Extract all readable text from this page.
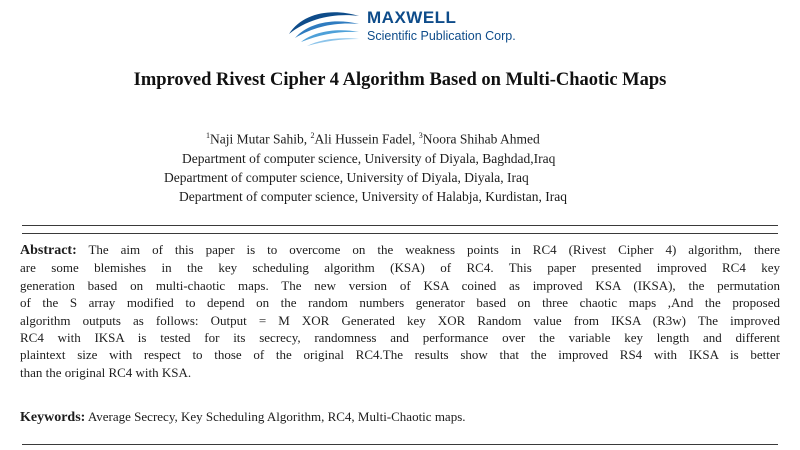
MAXWELL
Scientific Publication Corp.
Improved Rivest Cipher 4 Algorithm Based on Multi-Chaotic Maps
$^1$Naji Mutar Sahib, $^2$Ali Hussein Fadel, $^3$Noora Shihab Ahmed
Department of computer science, University of Diyala, Baghdad,Iraq
Department of computer science, University of Diyala, Diyala, Iraq
Department of computer science, University of Halabja, Kurdistan, Iraq
Abstract: The aim of this paper is to overcome on the weakness points in RC4 (Rivest Cipher 4) algorithm, there
are some blemishes in the key scheduling algorithm (KSA) of RC4. This paper presented improved RC4 key
generation based on multi-chaotic maps. The new version of KSA coined as improved KSA (IKSA), the permutation
of the S array modified to depend on the random numbers generator based on three chaotic maps ,And the proposed
algorithm outputs as follows: Output = M XOR Generated key XOR Random value from IKSA (R3w) The improved
RC4 with IKSA is tested for its secrecy, randomness and performance over the variable key length and different
plaintext size with respect to those of the original RC4.The results show that the improved RS4 with IKSA is better
than the original RC4 with KSA.
Keywords: Average Secrecy, Key Scheduling Algorithm, RC4, Multi-Chaotic maps.
